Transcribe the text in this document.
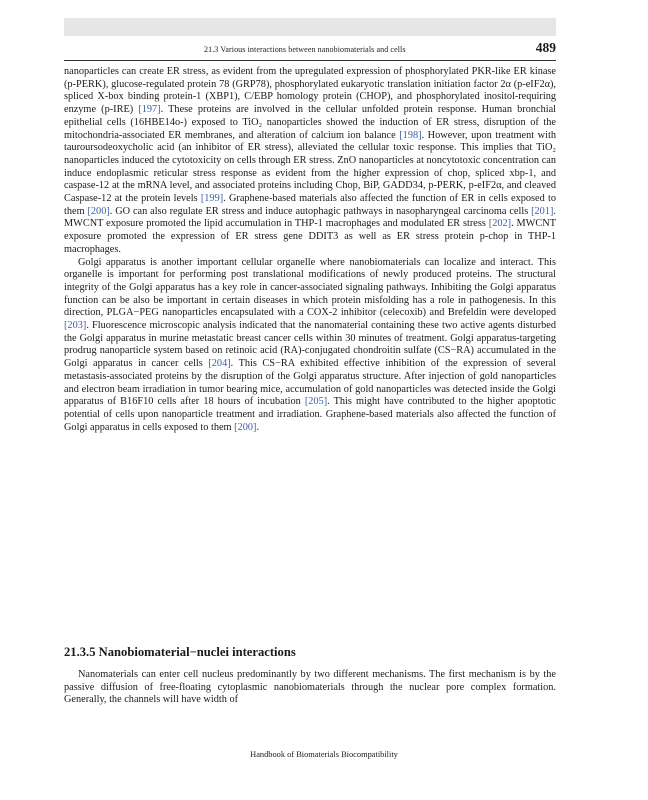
21.3 Various interactions between nanobiomaterials and cells	489

nanoparticles can create ER stress, as evident from the upregulated expression of phosphorylated PKR-like ER kinase (p-PERK), glucose-regulated protein 78 (GRP78), phosphorylated eukaryotic translation initiation factor 2α (p-eIF2α), spliced X-box binding protein-1 (XBP1), C/EBP homology protein (CHOP), and phosphorylated inositol-requiring enzyme (p-IRE) [197]. These proteins are involved in the cellular unfolded protein response. Human bronchial epithelial cells (16HBE14o-) exposed to TiO₂ nanoparticles showed the induction of ER stress, disruption of the mitochondria-associated ER membranes, and alteration of calcium ion balance [198]. However, upon treatment with tauroursodeoxycholic acid (an inhibitor of ER stress), alleviated the cellular toxic response. This implies that TiO₂ nanoparticles induced the cytotoxicity on cells through ER stress. ZnO nanoparticles at noncytotoxic concentration can induce endoplasmic reticular stress response as evident from the higher expression of chop, spliced xbp-1, and caspase-12 at the mRNA level, and associated proteins including Chop, BiP, GADD34, p-PERK, p-eIF2α, and cleaved Caspase-12 at the protein levels [199]. Graphene-based materials also affected the function of ER in cells exposed to them [200]. GO can also regulate ER stress and induce autophagic pathways in nasopharyngeal carcinoma cells [201]. MWCNT exposure promoted the lipid accumulation in THP-1 macrophages and modulated ER stress [202]. MWCNT exposure promoted the expression of ER stress gene DDIT3 as well as ER stress protein p-chop in THP-1 macrophages.

Golgi apparatus is another important cellular organelle where nanobiomaterials can localize and interact. This organelle is important for performing post translational modifications of newly produced proteins. The structural integrity of the Golgi apparatus has a key role in cancer-associated signaling pathways. Inhibiting the Golgi apparatus function can be also be important in certain diseases in which protein misfolding has a role in pathogenesis. In this direction, PLGA−PEG nanoparticles encapsulated with a COX-2 inhibitor (celecoxib) and Brefeldin were developed [203]. Fluorescence microscopic analysis indicated that the nanomaterial containing these two active agents disturbed the Golgi apparatus in murine metastatic breast cancer cells within 30 minutes of treatment. Golgi apparatus-targeting prodrug nanoparticle system based on retinoic acid (RA)-conjugated chondroitin sulfate (CS−RA) accumulated in the Golgi apparatus in cancer cells [204]. This CS−RA exhibited effective inhibition of the expression of several metastasis-associated proteins by the disruption of the Golgi apparatus structure. After injection of gold nanoparticles and electron beam irradiation in tumor bearing mice, accumulation of gold nanoparticles was detected inside the Golgi apparatus of B16F10 cells after 18 hours of incubation [205]. This might have contributed to the higher apoptotic potential of cells upon nanoparticle treatment and irradiation. Graphene-based materials also affected the function of Golgi apparatus in cells exposed to them [200].

21.3.5 Nanobiomaterial−nuclei interactions

Nanomaterials can enter cell nucleus predominantly by two different mechanisms. The first mechanism is by the passive diffusion of free-floating cytoplasmic nanobiomaterials through the nuclear pore complex formation. Generally, the channels will have width of

Handbook of Biomaterials Biocompatibility
